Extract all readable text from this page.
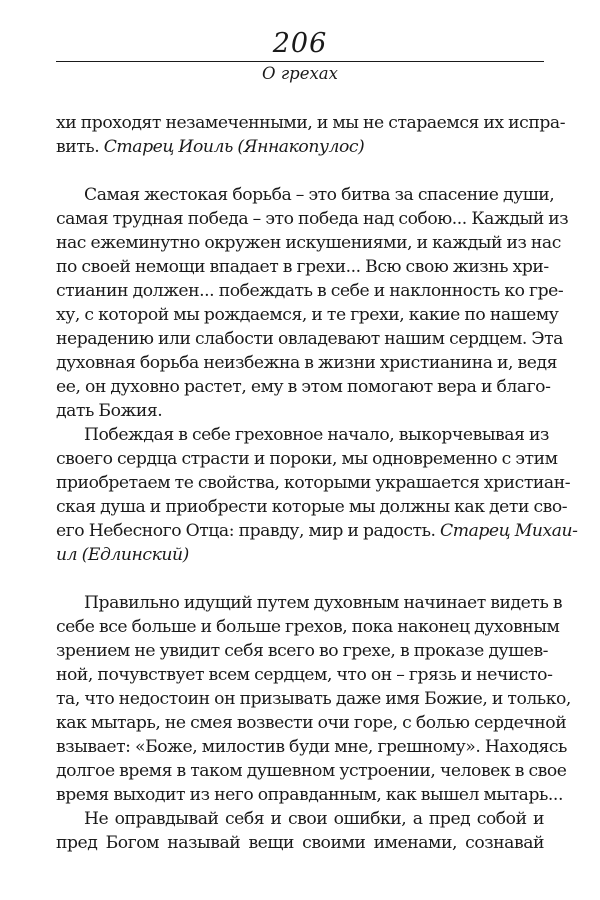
206
О грехах
хи проходят незамеченными, и мы не стараемся их испра-
вить. Старец Иоиль (Яннакопулос)
Самая жестокая борьба – это битва за спасение души,
самая трудная победа – это победа над собою... Каждый из
нас ежеминутно окружен искушениями, и каждый из нас
по своей немощи впадает в грехи... Всю свою жизнь хри-
стианин должен... побеждать в себе и наклонность ко гре-
ху, с которой мы рождаемся, и те грехи, какие по нашему
нерадению или слабости овладевают нашим сердцем. Эта
духовная борьба неизбежна в жизни христианина и, ведя
ее, он духовно растет, ему в этом помогают вера и благо-
дать Божия.
Побеждая в себе греховное начало, выкорчевывая из
своего сердца страсти и пороки, мы одновременно с этим
приобретаем те свойства, которыми украшается христиан-
ская душа и приобрести которые мы должны как дети сво-
его Небесного Отца: правду, мир и радость. Старец Михаи-
ил (Едлинский)
Правильно идущий путем духовным начинает видеть в
себе все больше и больше грехов, пока наконец духовным
зрением не увидит себя всего во грехе, в проказе душев-
ной, почувствует всем сердцем, что он – грязь и нечисто-
та, что недостоин он призывать даже имя Божие, и только,
как мытарь, не смея возвести очи горе, с болью сердечной
взывает: «Боже, милостив буди мне, грешному». Находясь
долгое время в таком душевном устроении, человек в свое
время выходит из него оправданным, как вышел мытарь...
Не оправдывай себя и свои ошибки, а пред собой и
пред Богом называй вещи своими именами, сознавай
